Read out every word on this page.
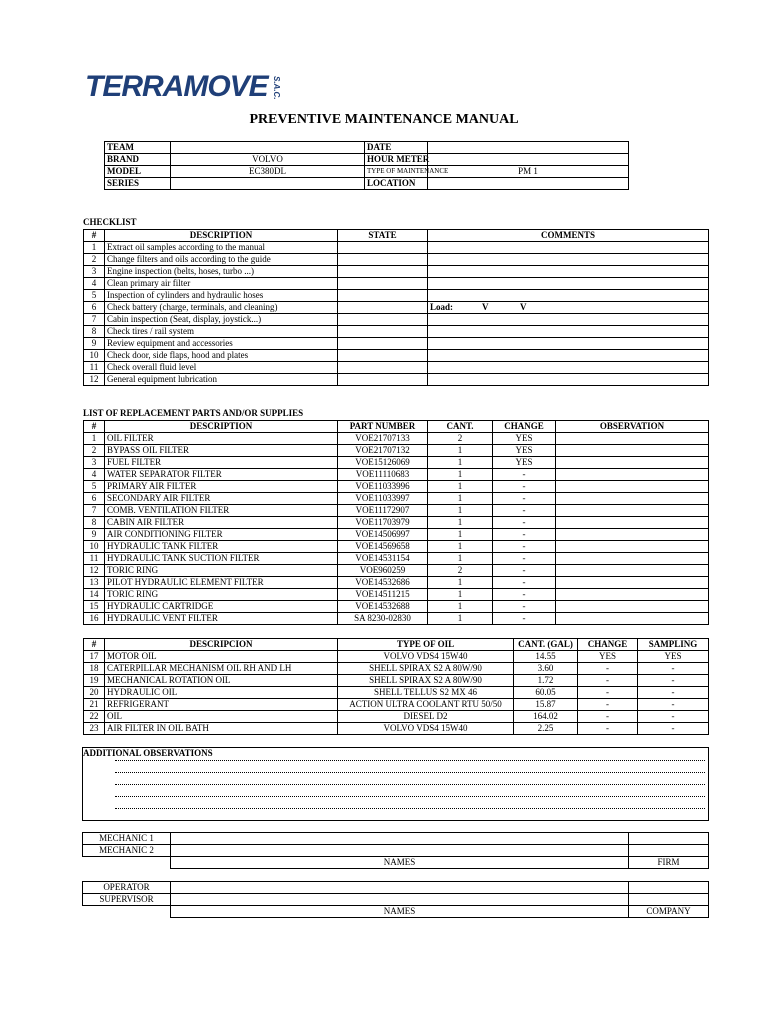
TERRAMOVE S.A.C.
PREVENTIVE MAINTENANCE MANUAL
TEAM		DATE	
BRAND	VOLVO	HOUR METER	
MODEL	EC380DL	TYPE OF MAINTENANCE	PM 1
SERIES		LOCATION	
CHECKLIST
#	DESCRIPTION	STATE	COMMENTS
1	Extract oil samples according to the manual		
2	Change filters and oils according to the guide		
3	Engine inspection (belts, hoses, turbo ...)		
4	Clean primary air filter		
5	Inspection of cylinders and hydraulic hoses		
6	Check battery (charge, terminals, and cleaning)		Load: V V
7	Cabin inspection (Seat, display, joystick...)		
8	Check tires / rail system		
9	Review equipment and accessories		
10	Check door, side flaps, hood and plates		
11	Check overall fluid level		
12	General equipment lubrication		
LIST OF REPLACEMENT PARTS AND/OR SUPPLIES
#	DESCRIPTION	PART NUMBER	CANT.	CHANGE	OBSERVATION
1	OIL FILTER	VOE21707133	2	YES	
2	BYPASS OIL FILTER	VOE21707132	1	YES	
3	FUEL FILTER	VOE15126069	1	YES	
4	WATER SEPARATOR FILTER	VOE11110683	1	-	
5	PRIMARY AIR FILTER	VOE11033996	1	-	
6	SECONDARY AIR FILTER	VOE11033997	1	-	
7	COMB. VENTILATION FILTER	VOE11172907	1	-	
8	CABIN AIR FILTER	VOE11703979	1	-	
9	AIR CONDITIONING FILTER	VOE14506997	1	-	
10	HYDRAULIC TANK FILTER	VOE14569658	1	-	
11	HYDRAULIC TANK SUCTION FILTER	VOE14531154	1	-	
12	TORIC RING	VOE960259	2	-	
13	PILOT HYDRAULIC ELEMENT FILTER	VOE14532686	1	-	
14	TORIC RING	VOE14511215	1	-	
15	HYDRAULIC CARTRIDGE	VOE14532688	1	-	
16	HYDRAULIC VENT FILTER	SA 8230-02830	1	-	
#	DESCRIPCION	TYPE OF OIL	CANT. (GAL)	CHANGE	SAMPLING
17	MOTOR OIL	VOLVO VDS4 15W40	14.55	YES	YES
18	CATERPILLAR MECHANISM OIL RH AND LH	SHELL SPIRAX S2 A 80W/90	3.60	-	-
19	MECHANICAL ROTATION OIL	SHELL SPIRAX S2 A 80W/90	1.72	-	-
20	HYDRAULIC OIL	SHELL TELLUS S2 MX 46	60.05	-	-
21	REFRIGERANT	ACTION ULTRA COOLANT RTU 50/50	15.87	-	-
22	OIL	DIESEL D2	164.02	-	-
23	AIR FILTER IN OIL BATH	VOLVO VDS4 15W40	2.25	-	-
ADDITIONAL OBSERVATIONS
MECHANIC 1		
MECHANIC 2		
	NAMES	FIRM
OPERATOR		
SUPERVISOR		
	NAMES	COMPANY
